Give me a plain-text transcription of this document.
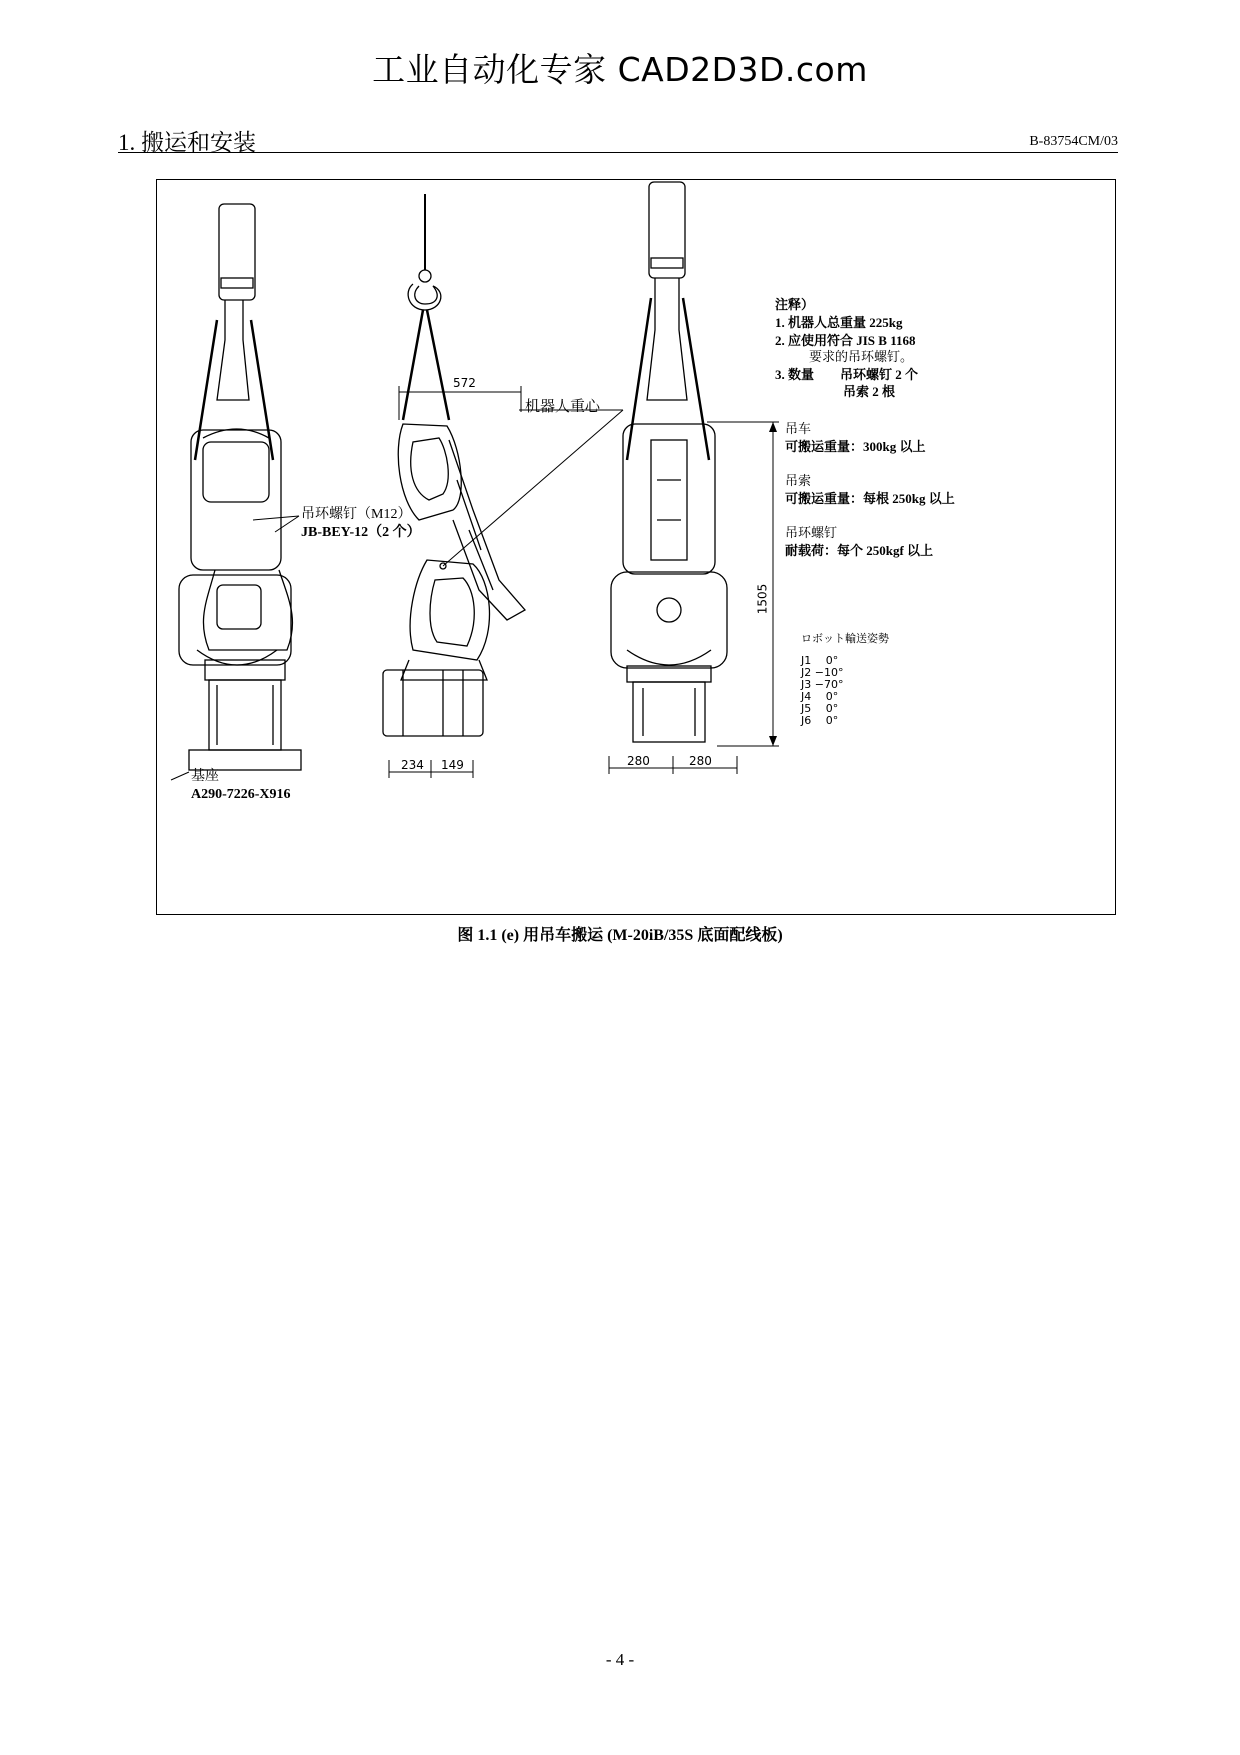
工业自动化专家 CAD2D3D.com
1. 搬运和安装	B-83754CM/03
572
234 149	280	280
1505
吊环螺钉（M12）
JB-BEY-12（2 个）
基座
A290-7226-X916
机器人重心
注释）
1. 机器人总重量 225kg
2. 应使用符合 JIS B 1168
要求的吊环螺钉。
3. 数量　　吊环螺钉 2 个
吊索 2 根
吊车
可搬运重量：300kg 以上
吊索
可搬运重量：每根 250kg 以上
吊环螺钉
耐载荷：每个 250kgf 以上
ロボット輸送姿勢
J1　 0°
J2 −10°
J3 −70°
J4　 0°
J5　 0°
J6　 0°
图 1.1 (e) 用吊车搬运 (M-20iB/35S 底面配线板)
- 4 -
